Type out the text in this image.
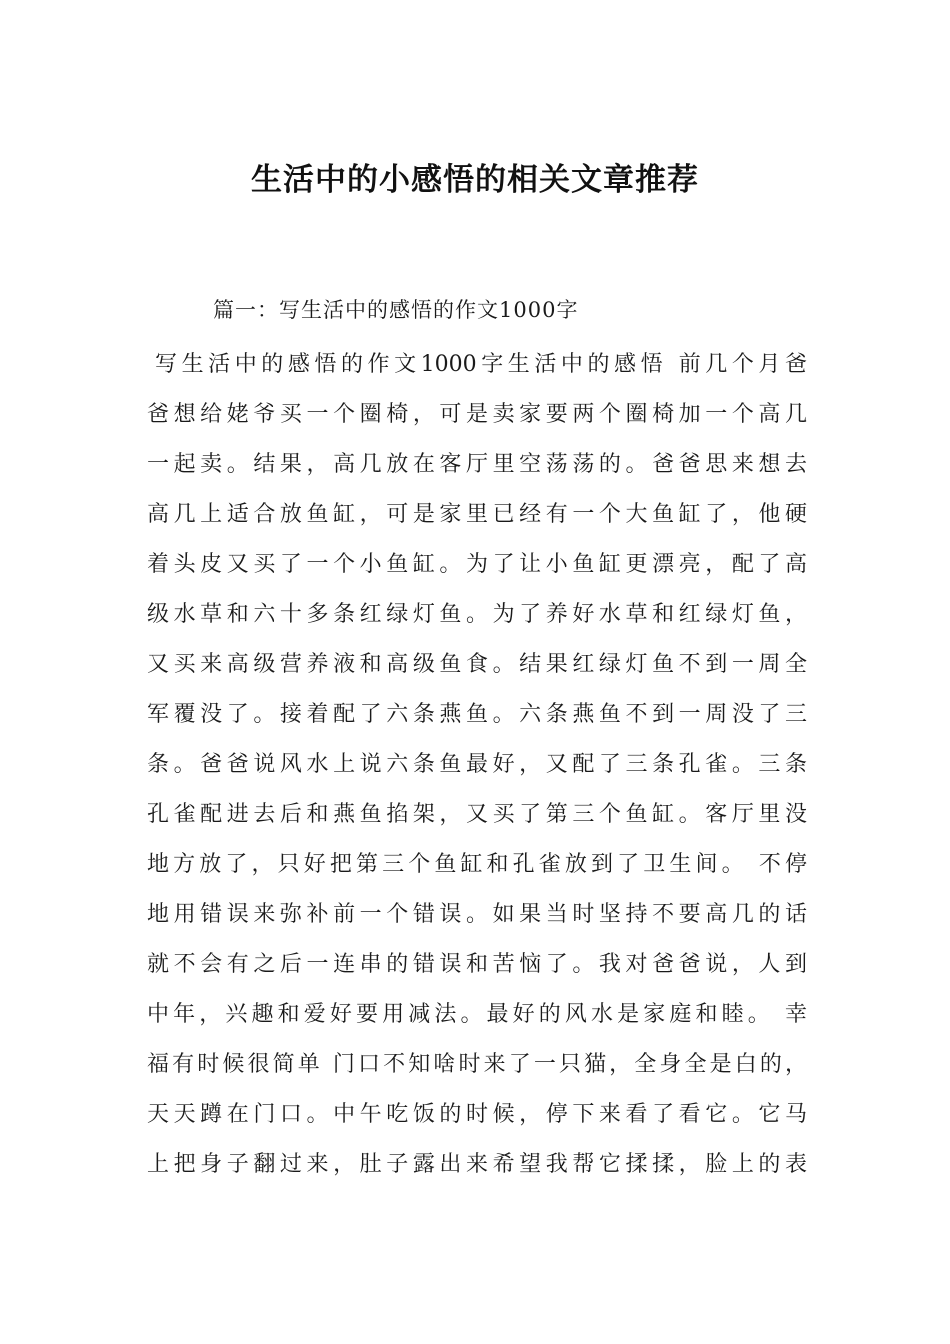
生活中的小感悟的相关文章推荐
篇一：写生活中的感悟的作文1000字
写生活中的感悟的作文1000字生活中的感悟 前几个月爸
爸想给姥爷买一个圈椅，可是卖家要两个圈椅加一个高几
一起卖。结果，高几放在客厅里空荡荡的。爸爸思来想去
高几上适合放鱼缸，可是家里已经有一个大鱼缸了，他硬
着头皮又买了一个小鱼缸。为了让小鱼缸更漂亮，配了高
级水草和六十多条红绿灯鱼。为了养好水草和红绿灯鱼，
又买来高级营养液和高级鱼食。结果红绿灯鱼不到一周全
军覆没了。接着配了六条燕鱼。六条燕鱼不到一周没了三
条。爸爸说风水上说六条鱼最好，又配了三条孔雀。三条
孔雀配进去后和燕鱼掐架，又买了第三个鱼缸。客厅里没
地方放了，只好把第三个鱼缸和孔雀放到了卫生间。 不停
地用错误来弥补前一个错误。如果当时坚持不要高几的话
就不会有之后一连串的错误和苦恼了。我对爸爸说，人到
中年，兴趣和爱好要用减法。最好的风水是家庭和睦。 幸
福有时候很简单 门口不知啥时来了一只猫，全身全是白的，
天天蹲在门口。中午吃饭的时候，停下来看了看它。它马
上把身子翻过来，肚子露出来希望我帮它揉揉，脸上的表
